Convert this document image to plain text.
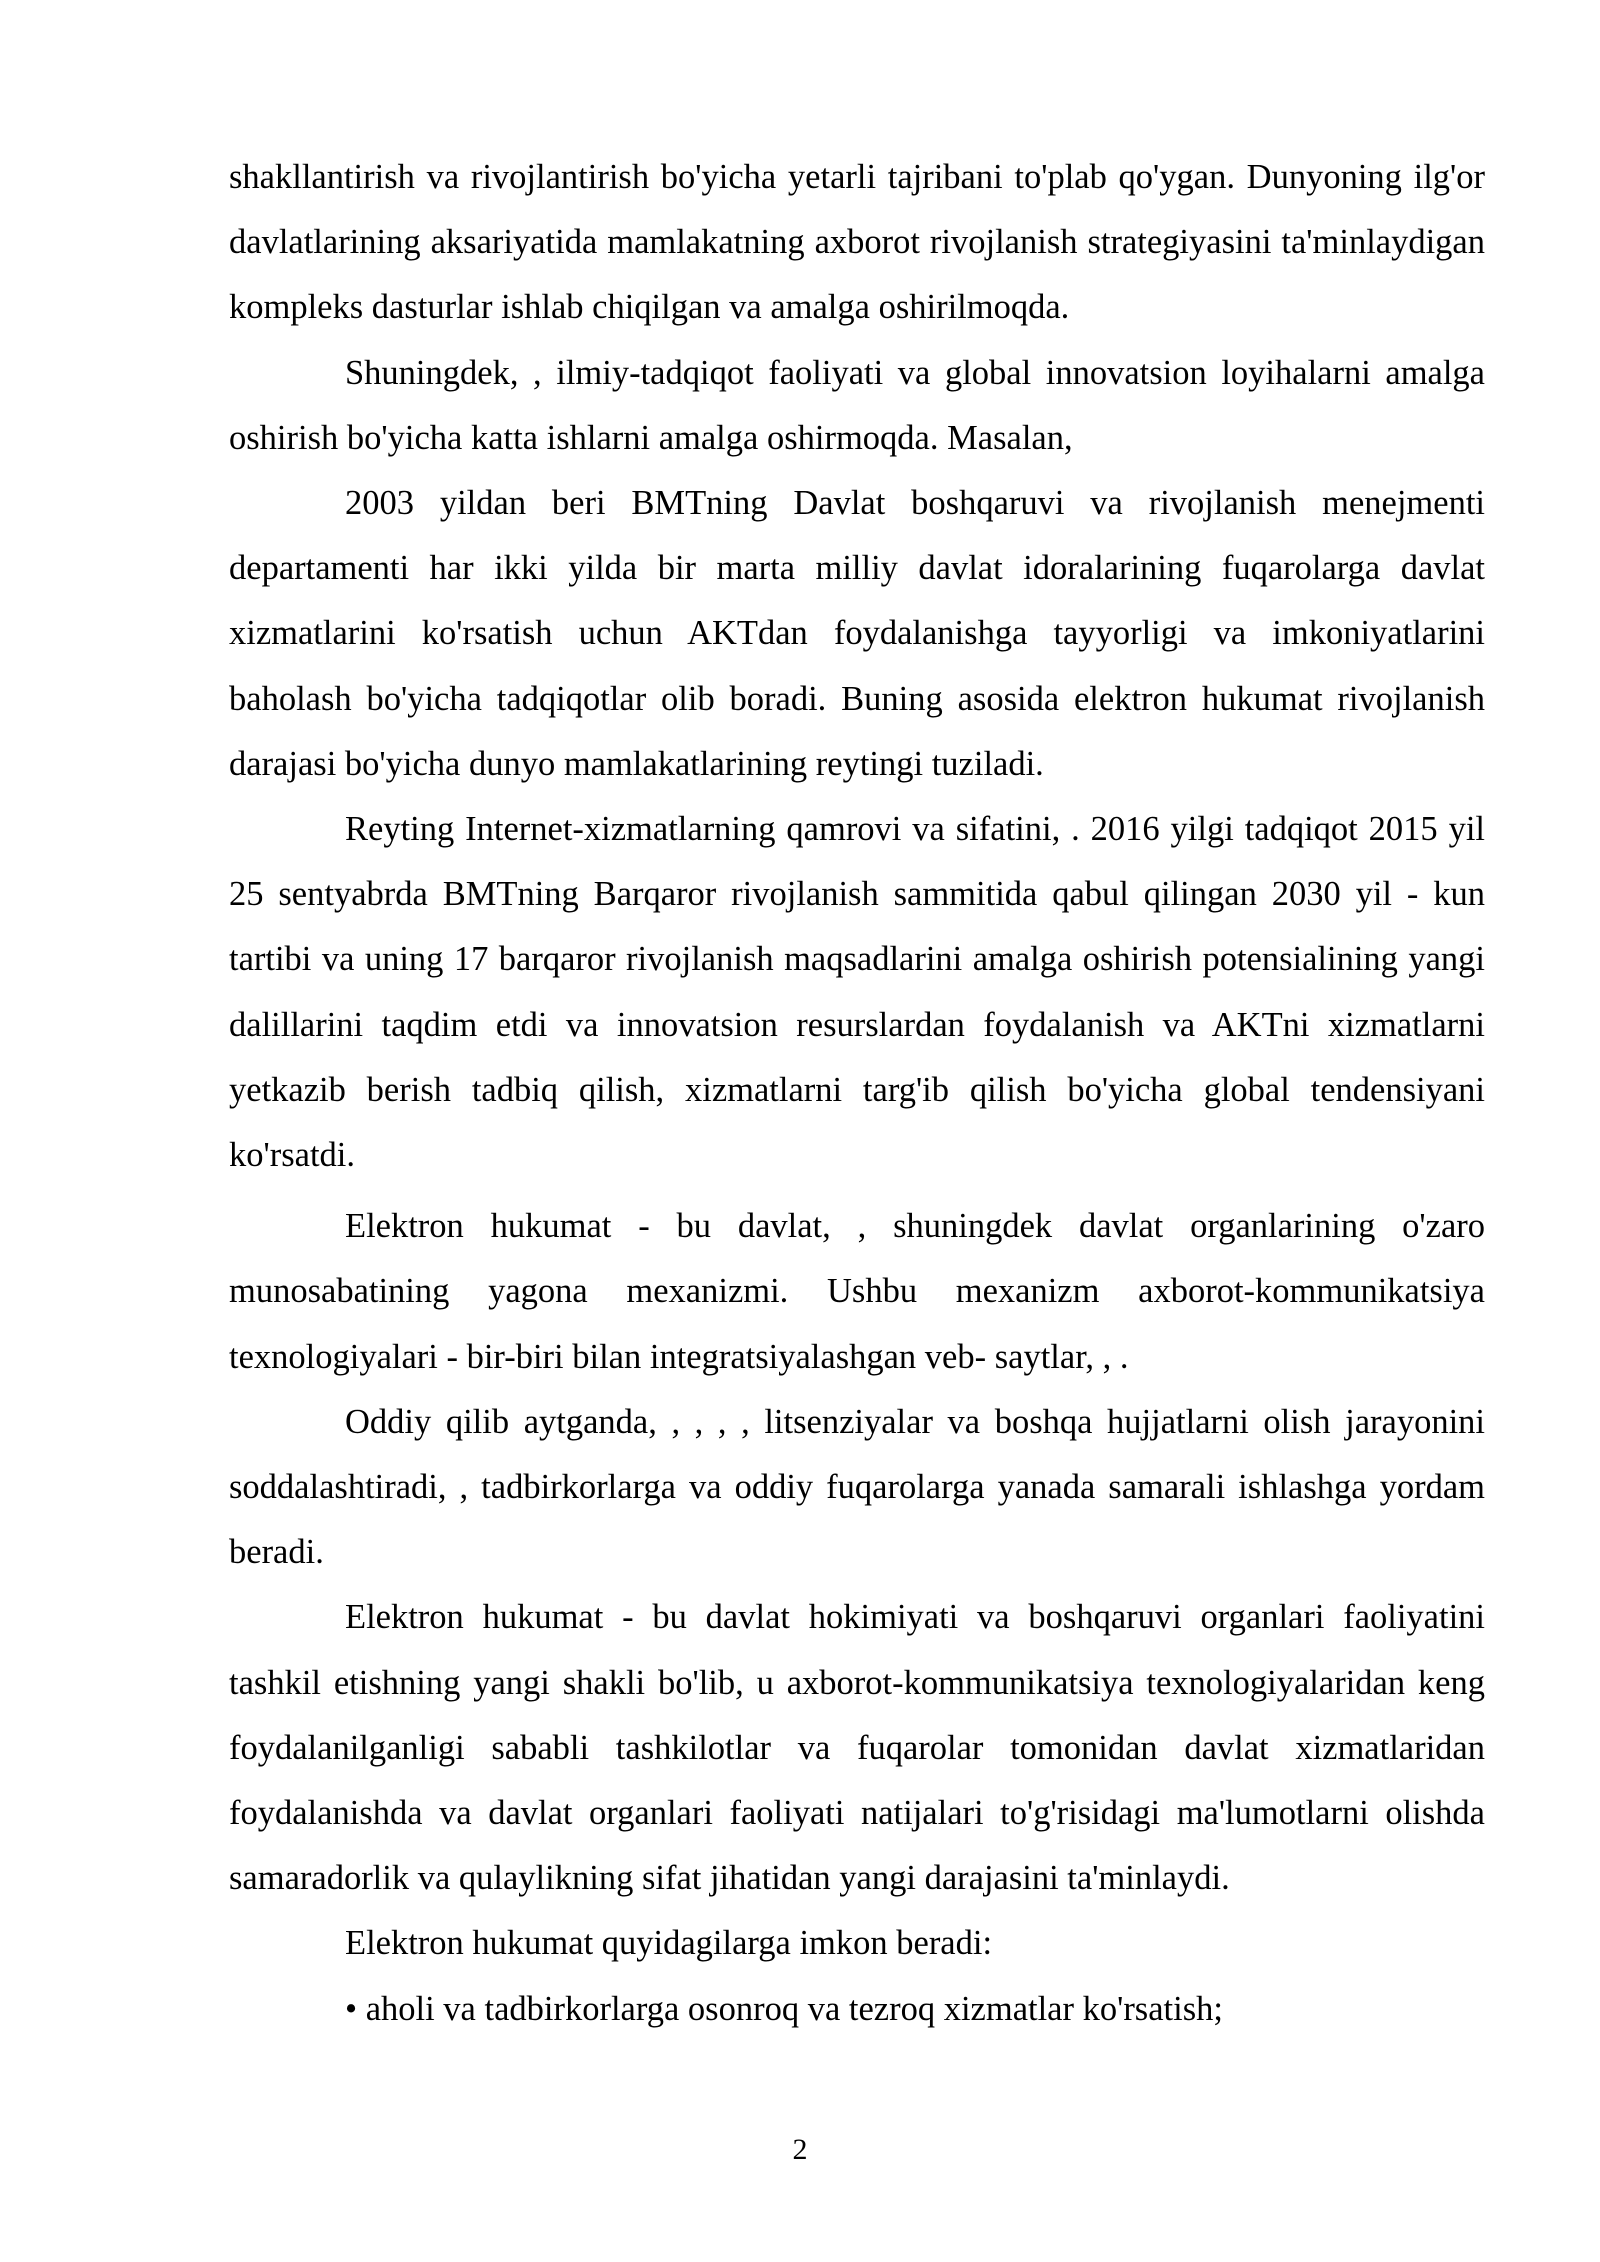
shakllantirish va rivojlantirish bo'yicha yetarli tajribani to'plab qo'ygan. Dunyoning ilg'or davlatlarining aksariyatida mamlakatning axborot rivojlanish strategiyasini ta'minlaydigan kompleks dasturlar ishlab chiqilgan va amalga oshirilmoqda.

Shuningdek, , ilmiy-tadqiqot faoliyati va global innovatsion loyihalarni amalga oshirish bo'yicha katta ishlarni amalga oshirmoqda. Masalan,

2003 yildan beri BMTning Davlat boshqaruvi va rivojlanish menejmenti departamenti har ikki yilda bir marta milliy davlat idoralarining fuqarolarga davlat xizmatlarini ko'rsatish uchun AKTdan foydalanishga tayyorligi va imkoniyatlarini baholash bo'yicha tadqiqotlar olib boradi. Buning asosida elektron hukumat rivojlanish darajasi bo'yicha dunyo mamlakatlarining reytingi tuziladi.

Reyting Internet-xizmatlarning qamrovi va sifatini, . 2016 yilgi tadqiqot 2015 yil 25 sentyabrda BMTning Barqaror rivojlanish sammitida qabul qilingan 2030 yil - kun tartibi va uning 17 barqaror rivojlanish maqsadlarini amalga oshirish potensialining yangi dalillarini taqdim etdi va innovatsion resurslardan foydalanish va AKTni xizmatlarni yetkazib berish tadbiq qilish, xizmatlarni targ'ib qilish bo'yicha global tendensiyani ko'rsatdi.

Elektron hukumat - bu davlat, , shuningdek davlat organlarining o'zaro munosabatining yagona mexanizmi. Ushbu mexanizm axborot-kommunikatsiya texnologiyalari - bir-biri bilan integratsiyalashgan veb- saytlar, , .

Oddiy qilib aytganda, , , , , litsenziyalar va boshqa hujjatlarni olish jarayonini soddalashtiradi, , tadbirkorlarga va oddiy fuqarolarga yanada samarali ishlashga yordam beradi.

Elektron hukumat - bu davlat hokimiyati va boshqaruvi organlari faoliyatini tashkil etishning yangi shakli bo'lib, u axborot-kommunikatsiya texnologiyalaridan keng foydalanilganligi sababli tashkilotlar va fuqarolar tomonidan davlat xizmatlaridan foydalanishda va davlat organlari faoliyati natijalari to'g'risidagi ma'lumotlarni olishda samaradorlik va qulaylikning sifat jihatidan yangi darajasini ta'minlaydi.

Elektron hukumat quyidagilarga imkon beradi:

• aholi va tadbirkorlarga osonroq va tezroq xizmatlar ko'rsatish;

2
